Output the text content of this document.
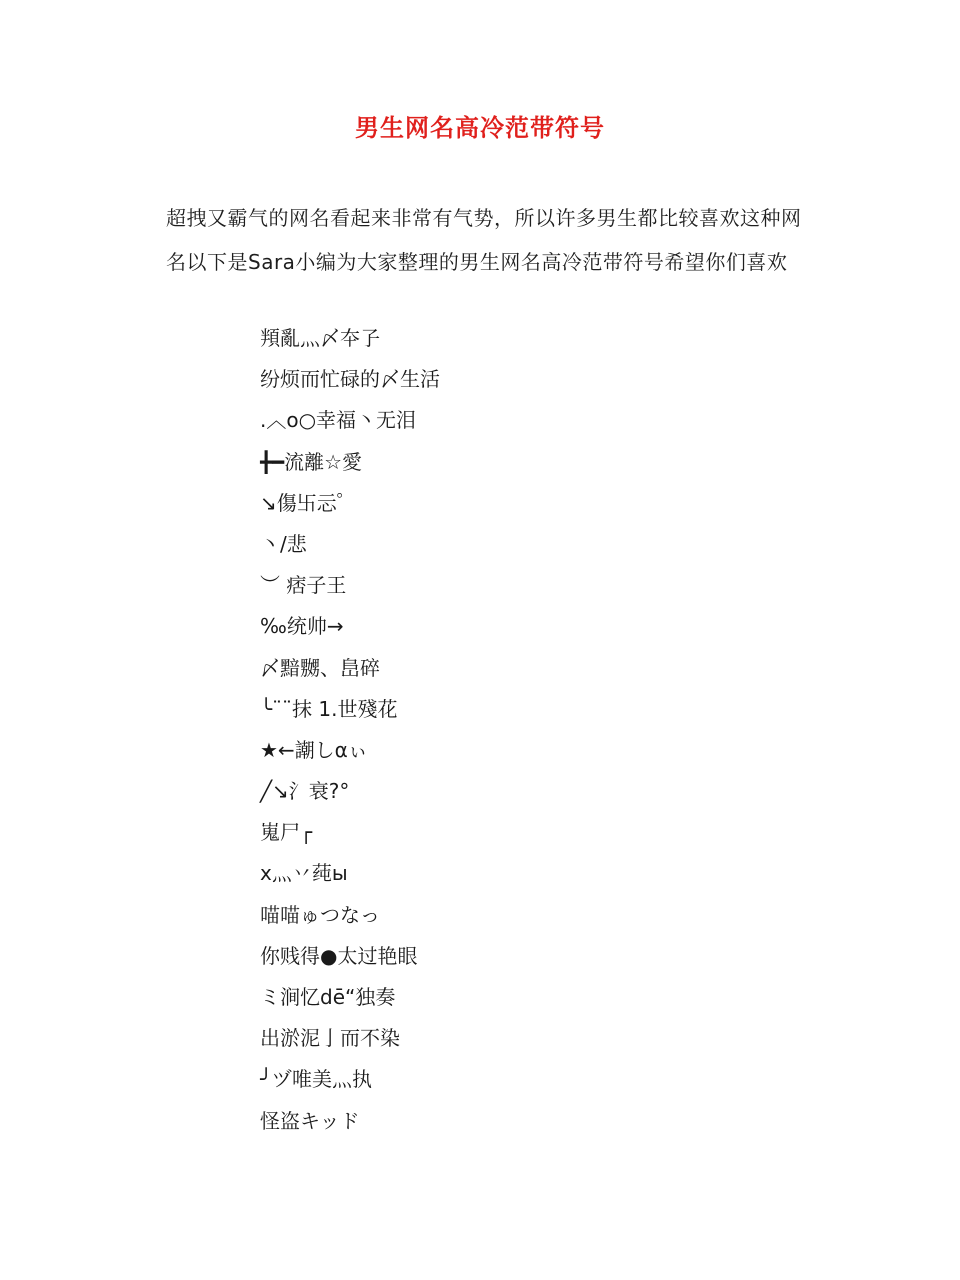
男生网名高冷范带符号
超拽又霸气的网名看起来非常有气势，所以许多男生都比较喜欢这种网名以下是Sara小编为大家整理的男生网名高冷范带符号希望你们喜欢
頖亂灬〆夲孒
纷烦而忙碌的〆生活
.︿o○幸福丶无泪
╋━流離☆愛
↘傷卐忈゜
丶/悲
︶ 痞子王
‰统帅→
〆黯嬲、峊碎
╰¨¨抹 1.世殘花
★←謿しαぃ
╱↘氵衰?°
嵬尸┌
x灬丷莼ы
喵喵ゅつなっ
你贱得●太过艳眼
ミ涧忆dē“独奏
出淤泥亅而不染
╯ヅ唯美灬执
怪盗キッド
